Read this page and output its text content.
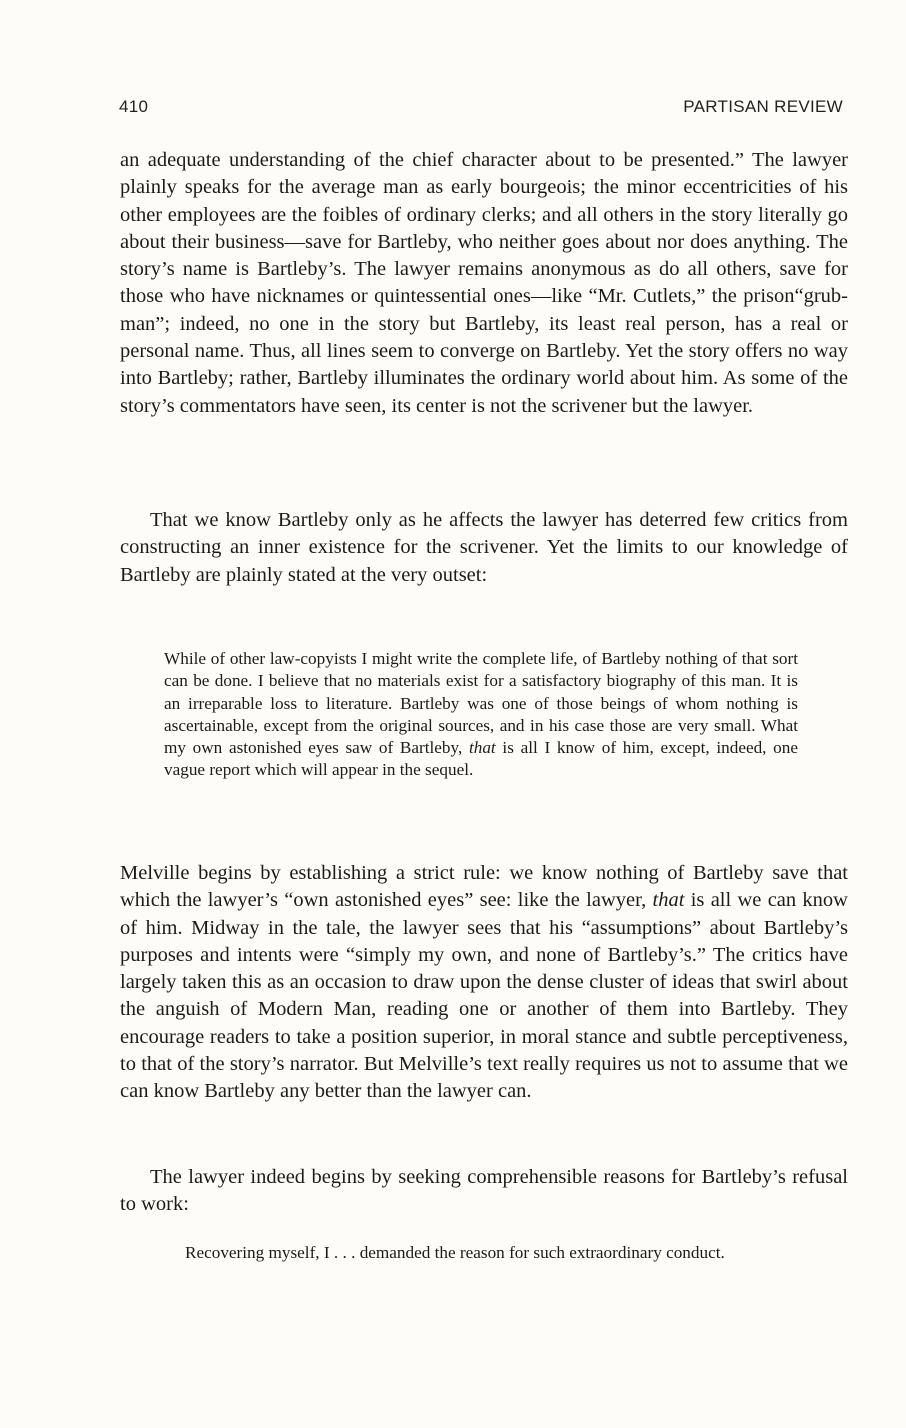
410	PARTISAN REVIEW

an adequate understanding of the chief character about to be presented.” The lawyer plainly speaks for the average man as early bourgeois; the minor eccentricities of his other employees are the foibles of ordinary clerks; and all others in the story literally go about their business—save for Bartleby, who neither goes about nor does anything. The story’s name is Bartleby’s. The lawyer remains anonymous as do all others, save for those who have nicknames or quintessential ones—like “Mr. Cutlets,” the prison“grub-man”; indeed, no one in the story but Bartleby, its least real person, has a real or personal name. Thus, all lines seem to converge on Bartleby. Yet the story offers no way into Bartleby; rather, Bartleby illuminates the ordinary world about him. As some of the story’s commentators have seen, its center is not the scrivener but the lawyer.

That we know Bartleby only as he affects the lawyer has deterred few critics from constructing an inner existence for the scrivener. Yet the limits to our knowledge of Bartleby are plainly stated at the very outset:

While of other law-copyists I might write the complete life, of Bartleby nothing of that sort can be done. I believe that no materials exist for a satisfactory biography of this man. It is an irreparable loss to literature. Bartleby was one of those beings of whom nothing is ascertainable, except from the original sources, and in his case those are very small. What my own astonished eyes saw of Bartleby, that is all I know of him, except, indeed, one vague report which will appear in the sequel.

Melville begins by establishing a strict rule: we know nothing of Bartleby save that which the lawyer’s “own astonished eyes” see: like the lawyer, that is all we can know of him. Midway in the tale, the lawyer sees that his “assumptions” about Bartleby’s purposes and intents were “simply my own, and none of Bartleby’s.” The critics have largely taken this as an occasion to draw upon the dense cluster of ideas that swirl about the anguish of Modern Man, reading one or another of them into Bartleby. They encourage readers to take a position superior, in moral stance and subtle perceptiveness, to that of the story’s narrator. But Melville’s text really requires us not to assume that we can know Bartleby any better than the lawyer can.

The lawyer indeed begins by seeking comprehensible reasons for Bartleby’s refusal to work:

Recovering myself, I . . . demanded the reason for such extraordinary conduct.
